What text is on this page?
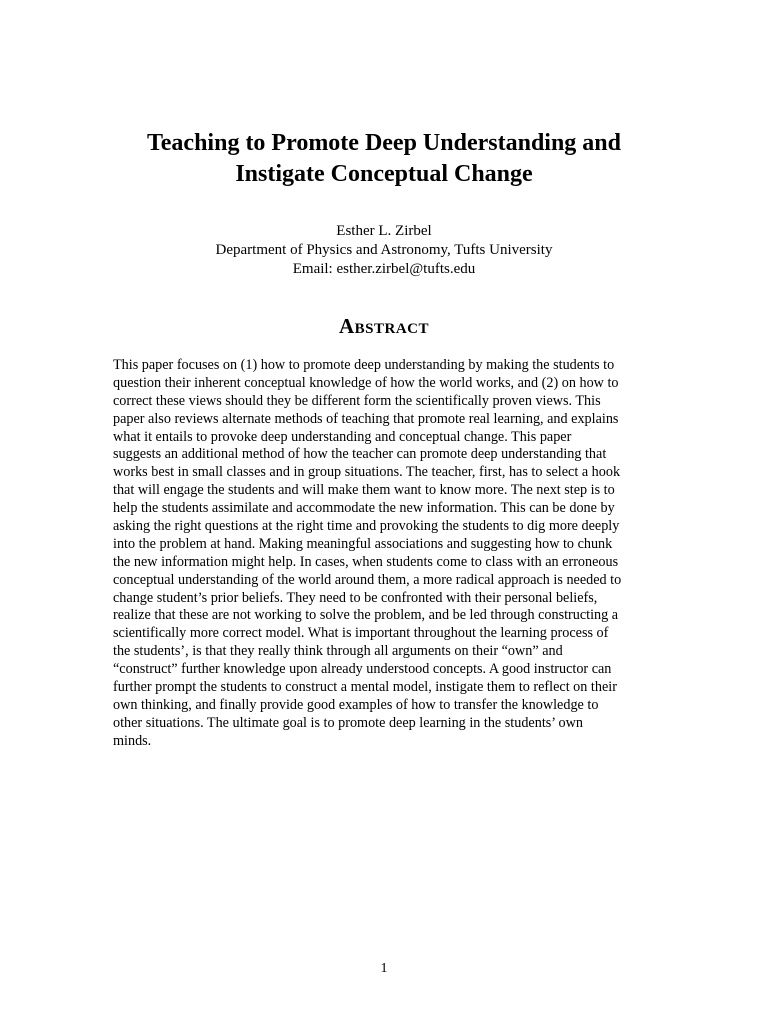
Teaching to Promote Deep Understanding and
Instigate Conceptual Change
Esther L. Zirbel
Department of Physics and Astronomy, Tufts University
Email: esther.zirbel@tufts.edu
Abstract
This paper focuses on (1) how to promote deep understanding by making the students to
question their inherent conceptual knowledge of how the world works, and (2) on how to
correct these views should they be different form the scientifically proven views. This
paper also reviews alternate methods of teaching that promote real learning, and explains
what it entails to provoke deep understanding and conceptual change. This paper
suggests an additional method of how the teacher can promote deep understanding that
works best in small classes and in group situations. The teacher, first, has to select a hook
that will engage the students and will make them want to know more. The next step is to
help the students assimilate and accommodate the new information. This can be done by
asking the right questions at the right time and provoking the students to dig more deeply
into the problem at hand. Making meaningful associations and suggesting how to chunk
the new information might help. In cases, when students come to class with an erroneous
conceptual understanding of the world around them, a more radical approach is needed to
change student’s prior beliefs. They need to be confronted with their personal beliefs,
realize that these are not working to solve the problem, and be led through constructing a
scientifically more correct model. What is important throughout the learning process of
the students’, is that they really think through all arguments on their “own” and
“construct” further knowledge upon already understood concepts. A good instructor can
further prompt the students to construct a mental model, instigate them to reflect on their
own thinking, and finally provide good examples of how to transfer the knowledge to
other situations. The ultimate goal is to promote deep learning in the students’ own
minds.
1
